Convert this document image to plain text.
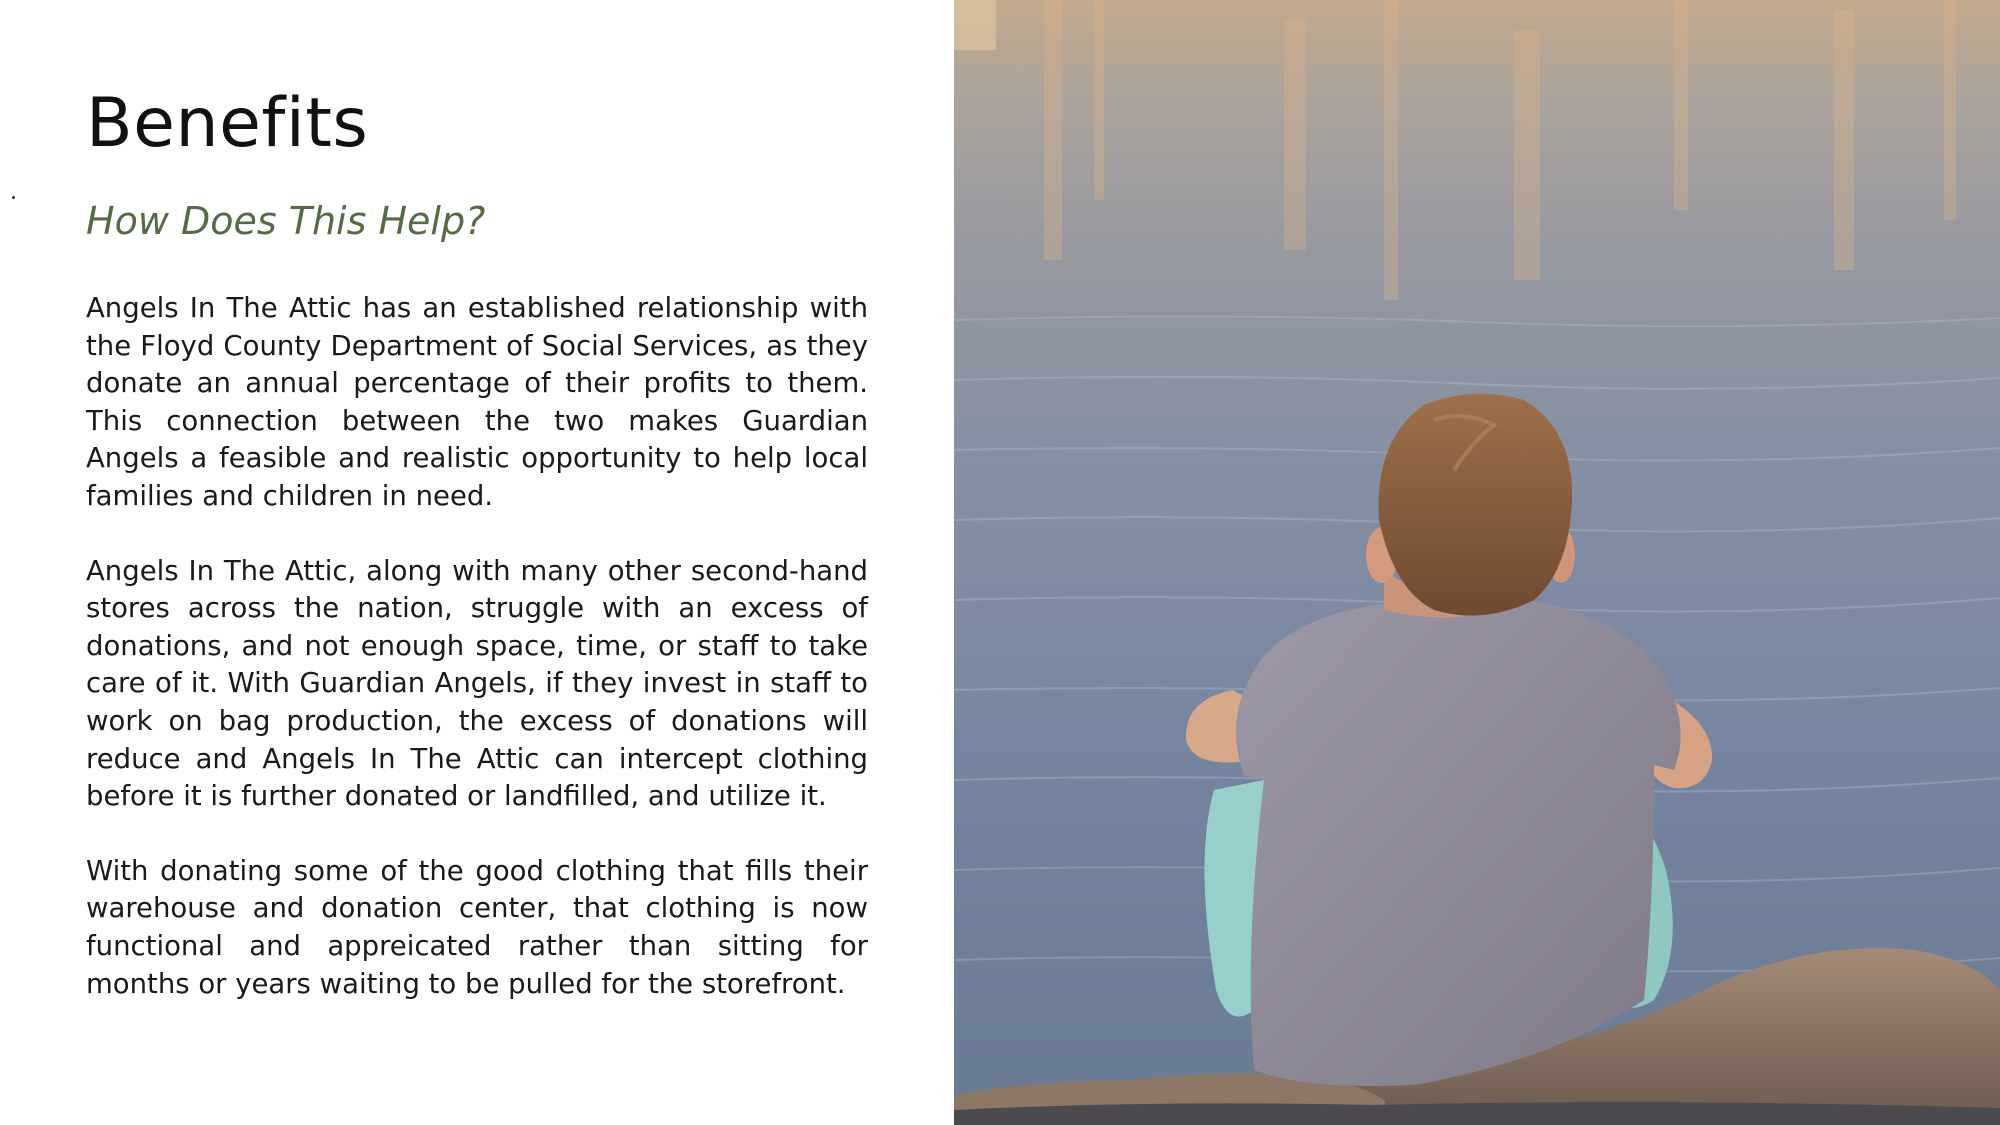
Benefits
How Does This Help?

Angels In The Attic has an established relationship with the Floyd County Department of Social Services, as they donate an annual percentage of their profits to them. This connection between the two makes Guardian Angels a feasible and realistic opportunity to help local families and children in need.

Angels In The Attic, along with many other second-hand stores across the nation, struggle with an excess of donations, and not enough space, time, or staff to take care of it. With Guardian Angels, if they invest in staff to work on bag production, the excess of donations will reduce and Angels In The Attic can intercept clothing before it is further donated or landfilled, and utilize it.

With donating some of the good clothing that fills their warehouse and donation center, that clothing is now functional and appreicated rather than sitting for months or years waiting to be pulled for the storefront.
